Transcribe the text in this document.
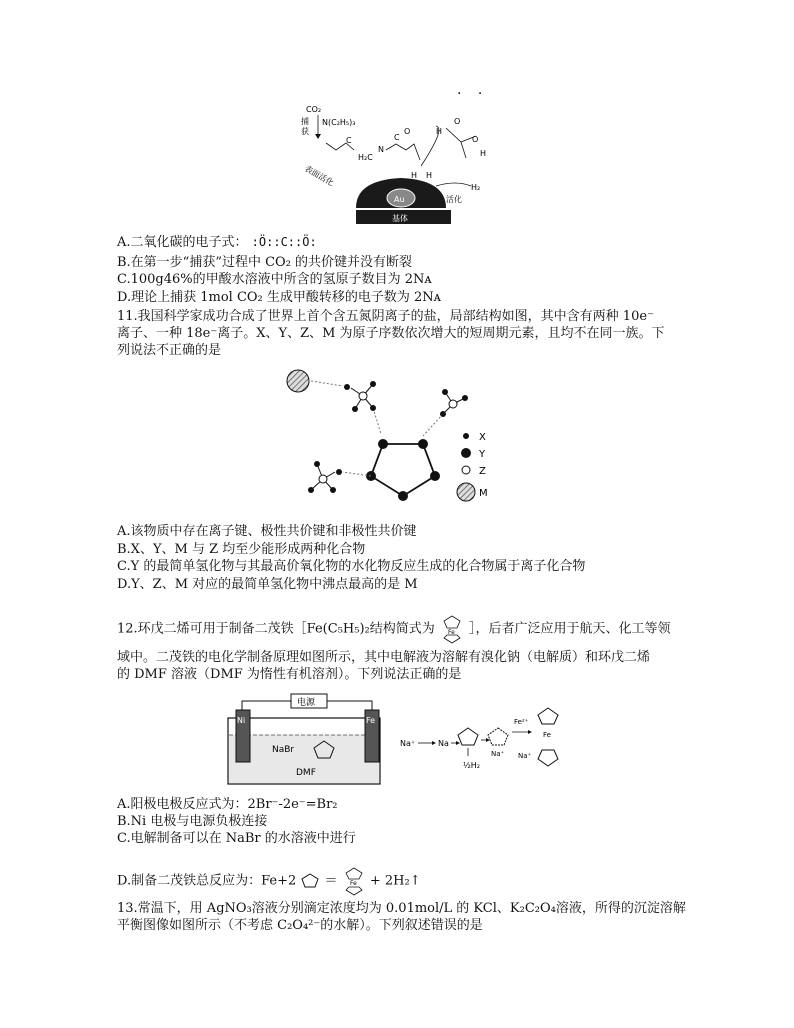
· ·
CO₂
捕
获
N(C₂H₅)₃
表面活化
C
H₂C
N
C
O
H H
Au
基体
H₂
活化
H
O
O
H
A.二氧化碳的电子式： :Ö::C::Ö:
B.在第一步“捕获”过程中 CO₂ 的共价键并没有断裂
C.100g46%的甲酸水溶液中所含的氢原子数目为 2Nᴀ
D.理论上捕获 1mol CO₂ 生成甲酸转移的电子数为 2Nᴀ
11.我国科学家成功合成了世界上首个含五氮阴离子的盐，局部结构如图，其中含有两种 10e⁻
离子、一种 18e⁻离子。X、Y、Z、M 为原子序数依次增大的短周期元素，且均不在同一族。下
列说法不正确的是
X
Y
Z
M
A.该物质中存在离子键、极性共价键和非极性共价键
B.X、Y、M 与 Z 均至少能形成两种化合物
C.Y 的最简单氢化物与其最高价氧化物的水化物反应生成的化合物属于离子化合物
D.Y、Z、M 对应的最简单氢化物中沸点最高的是 M
12.环戊二烯可用于制备二茂铁［Fe(C₅H₅)₂结构简式为 Fe ］，后者广泛应用于航天、化工等领
域中。二茂铁的电化学制备原理如图所示，其中电解液为溶解有溴化钠（电解质）和环戊二烯
的 DMF 溶液（DMF 为惰性有机溶剂）。下列说法正确的是
电源
Ni	Fe
NaBr
DMF
Na⁺	Na
½H₂
Na⁺
Fe²⁺
Fe
Na⁺
A.阳极电极反应式为：2Br⁻-2e⁻=Br₂
B.Ni 电极与电源负极连接
C.电解制备可以在 NaBr 的水溶液中进行
D.制备二茂铁总反应为：Fe+2 ＝ Fe + 2H₂↑
13.常温下，用 AgNO₃溶液分别滴定浓度均为 0.01mol/L 的 KCl、K₂C₂O₄溶液，所得的沉淀溶解
平衡图像如图所示（不考虑 C₂O₄²⁻的水解）。下列叙述错误的是
